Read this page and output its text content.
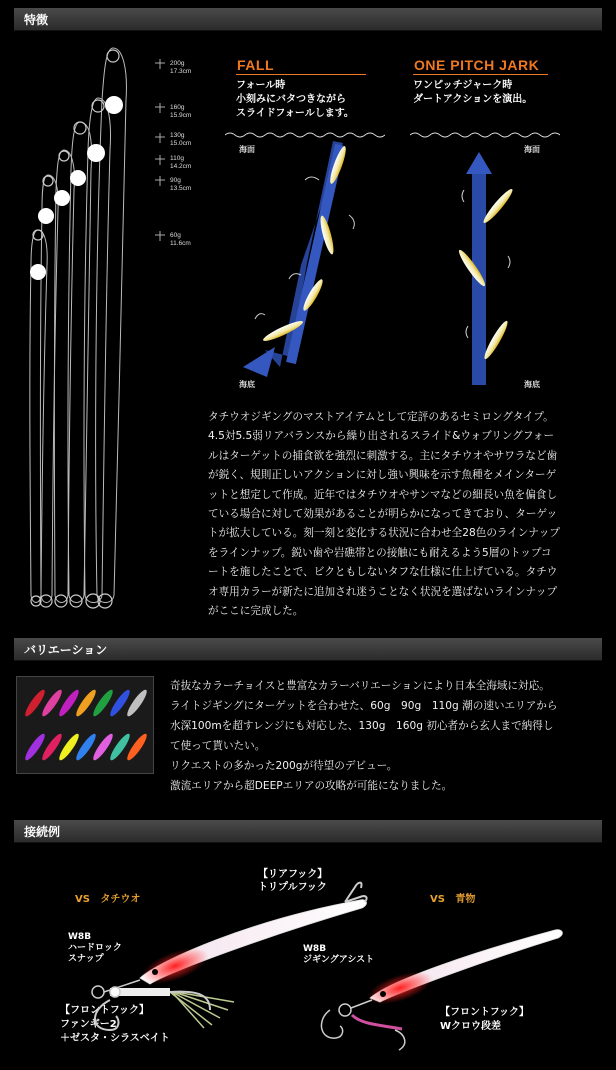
特徴
200g
17.3cm
160g
15.9cm
130g
15.0cm
110g
14.2cm
90g
13.5cm
60g
11.6cm
FALL
フォール時
小刻みにバタつきながら
スライドフォールします。
海面
海底
ONE PITCH JARK
ワンピッチジャーク時
ダートアクションを演出。
海面
海底
タチウオジギングのマストアイテムとして定評のあるセミロングタイプ。
4.5対5.5弱リアバランスから繰り出されるスライド&ウォブリングフォー
ルはターゲットの捕食欲を強烈に刺激する。主にタチウオやサワラなど歯
が鋭く、規則正しいアクションに対し強い興味を示す魚種をメインターゲ
ットと想定して作成。近年ではタチウオやサンマなどの細長い魚を偏食し
ている場合に対して効果があることが明らかになってきており、ターゲッ
トが拡大している。刻一刻と変化する状況に合わせ全28色のラインナップ
をラインナップ。鋭い歯や岩礁帯との接触にも耐えるよう5層のトップコ
ートを施したことで、ビクともしないタフな仕様に仕上げている。タチウ
オ専用カラーが新たに追加され迷うことなく状況を選ばないラインナップ
がここに完成した。
バリエーション
奇抜なカラーチョイスと豊富なカラーバリエーションにより日本全海域に対応。
ライトジギングにターゲットを合わせた、60g　90g　110g 潮の速いエリアから
水深100mを超すレンジにも対応した、130g　160g 初心者から玄人まで納得し
て使って貰いたい。
リクエストの多かった200gが待望のデビュー。
激流エリアから超DEEPエリアの攻略が可能になりました。
接続例
VS タチウオ	VS 青物
【リアフック】
トリプルフック
W8B
ハードロック
スナップ
【フロントフック】
ファンギー2
＋ゼスタ・シラスベイト
W8B
ジギングアシスト
【フロントフック】
Wクロウ段差
